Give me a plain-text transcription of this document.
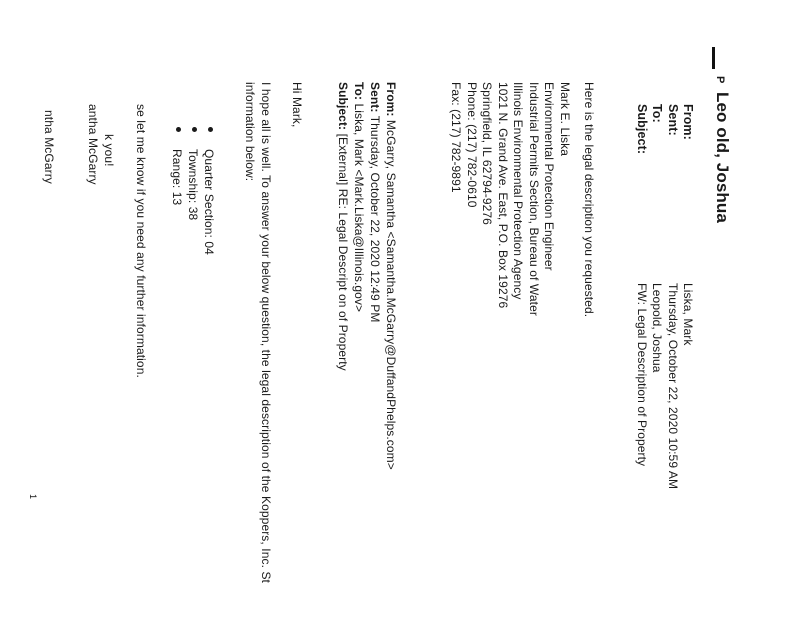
P
Leo old, Joshua
From:
Sent:
To:
Subject:
Liska, Mark
Thursday, October 22, 2020 10:59 AM
Leopold, Joshua
FW: Legal Description of Property
Here is the legal description you requested.
Mark E. Liska
Environmental Protection Engineer
Industrial Permits Section, Bureau of Water
Illinois Environmental Protection Agency
1021 N. Grand Ave. East, P.O. Box 19276
Springfield, IL 62794-9276
Phone: (217) 782-0610
Fax: (217) 782-9891
From: McGarry, Samantha <Samantha.McGarry@DuffandPhelps.com>
Sent: Thursday, October 22, 2020 12:49 PM
To: Liska, Mark <Mark.Liska@Illinois.gov>
Subject: [External] RE: Legal Descript on of Property
Hi Mark,
I hope all is well. To answer your below question, the legal description of the Koppers, Inc. St
information below:
Quarter Section: 04
Township: 38
Range: 13
se let me know if you need any further information.
k you!
antha McGarry
ntha McGarry
1
